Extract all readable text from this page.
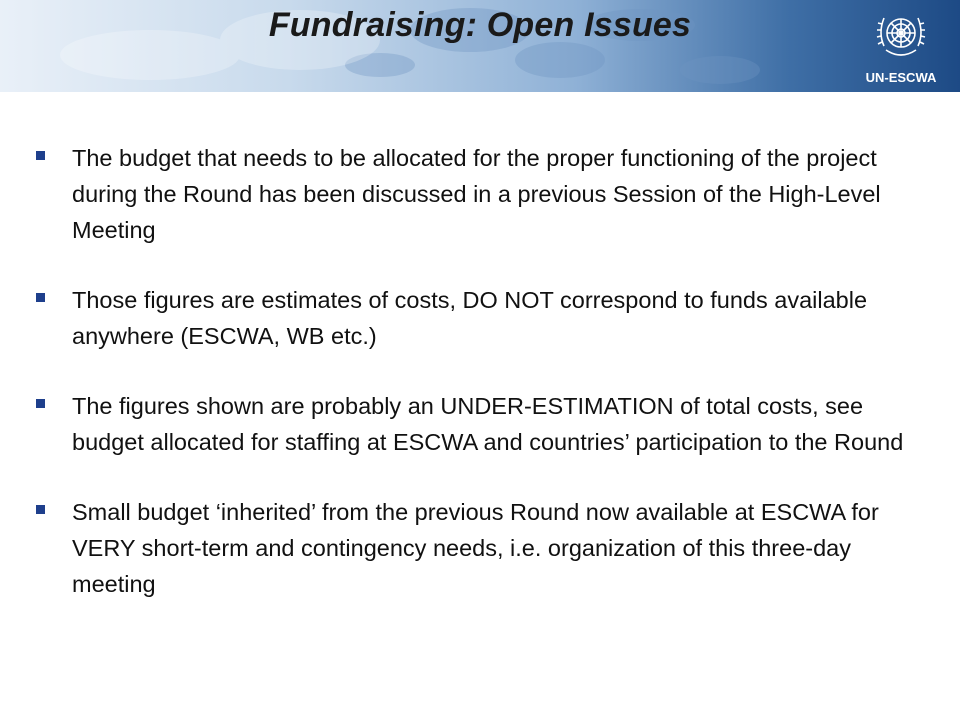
Fundraising: Open Issues
UN-ESCWA
The budget that needs to be allocated for the proper functioning of the project during the Round has been discussed in a previous Session of the High-Level Meeting
Those figures are estimates of costs, DO NOT correspond to funds available anywhere (ESCWA, WB etc.)
The figures shown are probably an UNDER-ESTIMATION of total costs, see budget allocated for staffing at ESCWA and countries’ participation to the Round
Small budget ‘inherited’ from the previous Round now available at ESCWA for VERY short-term and contingency needs, i.e. organization of this three-day meeting
